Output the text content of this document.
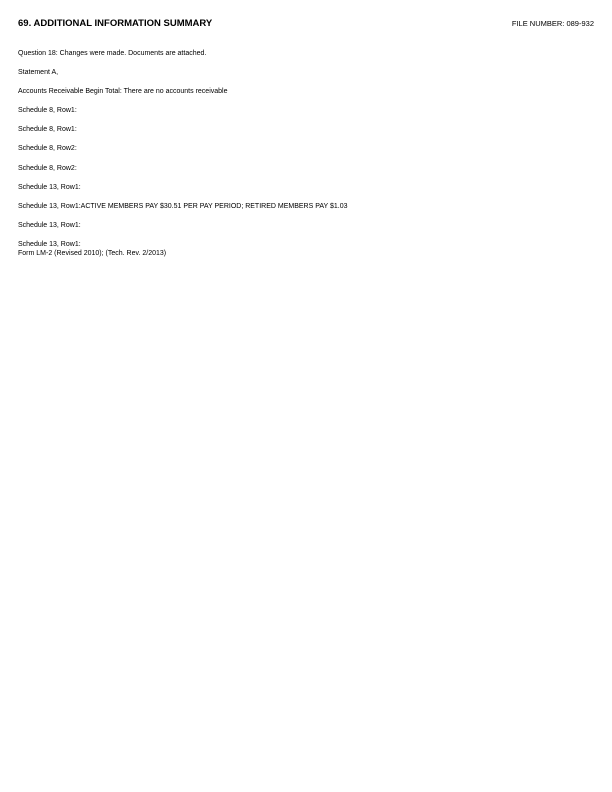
69. ADDITIONAL INFORMATION SUMMARY	FILE NUMBER: 089-932
Question 18: Changes were made. Documents are attached.
Statement A,
Accounts Receivable Begin Total: There are no accounts receivable
Schedule 8, Row1:
Schedule 8, Row1:
Schedule 8, Row2:
Schedule 8, Row2:
Schedule 13, Row1:
Schedule 13, Row1:ACTIVE MEMBERS PAY $30.51 PER PAY PERIOD; RETIRED MEMBERS PAY $1.03
Schedule 13, Row1:
Schedule 13, Row1:
Form LM-2 (Revised 2010); (Tech. Rev. 2/2013)
